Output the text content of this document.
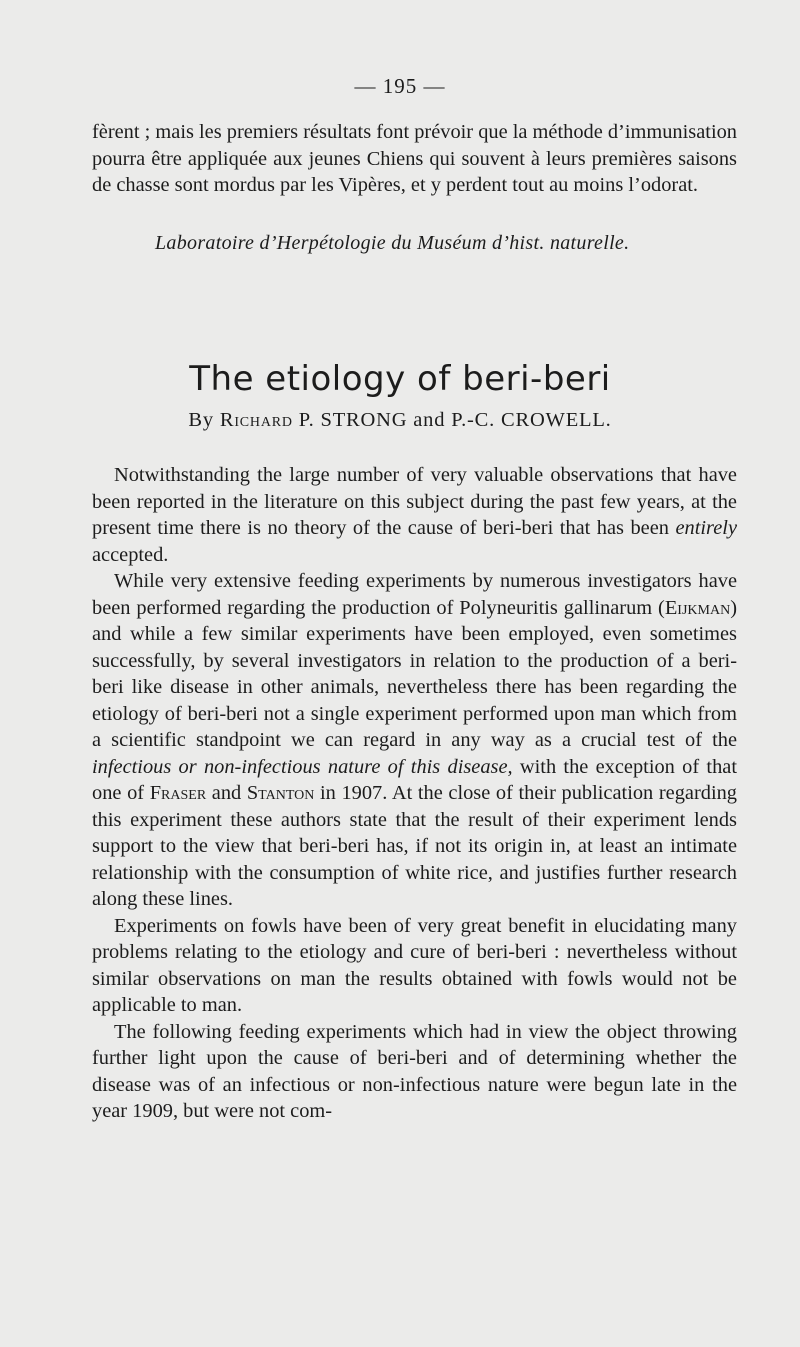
— 195 —

fèrent ; mais les premiers résultats font prévoir que la méthode d’immunisation pourra être appliquée aux jeunes Chiens qui souvent à leurs premières saisons de chasse sont mordus par les Vipères, et y perdent tout au moins l’odorat.

Laboratoire d’Herpétologie du Muséum d’hist. naturelle.
The etiology of beri-beri
By Richard P. STRONG and P.-C. CROWELL.

Notwithstanding the large number of very valuable observations that have been reported in the literature on this subject during the past few years, at the present time there is no theory of the cause of beri-beri that has been entirely accepted.

While very extensive feeding experiments by numerous investigators have been performed regarding the production of Polyneuritis gallinarum (Eijkman) and while a few similar experiments have been employed, even sometimes successfully, by several investigators in relation to the production of a beri-beri like disease in other animals, nevertheless there has been regarding the etiology of beri-beri not a single experiment performed upon man which from a scientific standpoint we can regard in any way as a crucial test of the infectious or non-infectious nature of this disease, with the exception of that one of Fraser and Stanton in 1907. At the close of their publication regarding this experiment these authors state that the result of their experiment lends support to the view that beri-beri has, if not its origin in, at least an intimate relationship with the consumption of white rice, and justifies further research along these lines.

Experiments on fowls have been of very great benefit in elucidating many problems relating to the etiology and cure of beri-beri : nevertheless without similar observations on man the results obtained with fowls would not be applicable to man.

The following feeding experiments which had in view the object throwing further light upon the cause of beri-beri and of determining whether the disease was of an infectious or non-infectious nature were begun late in the year 1909, but were not com-
